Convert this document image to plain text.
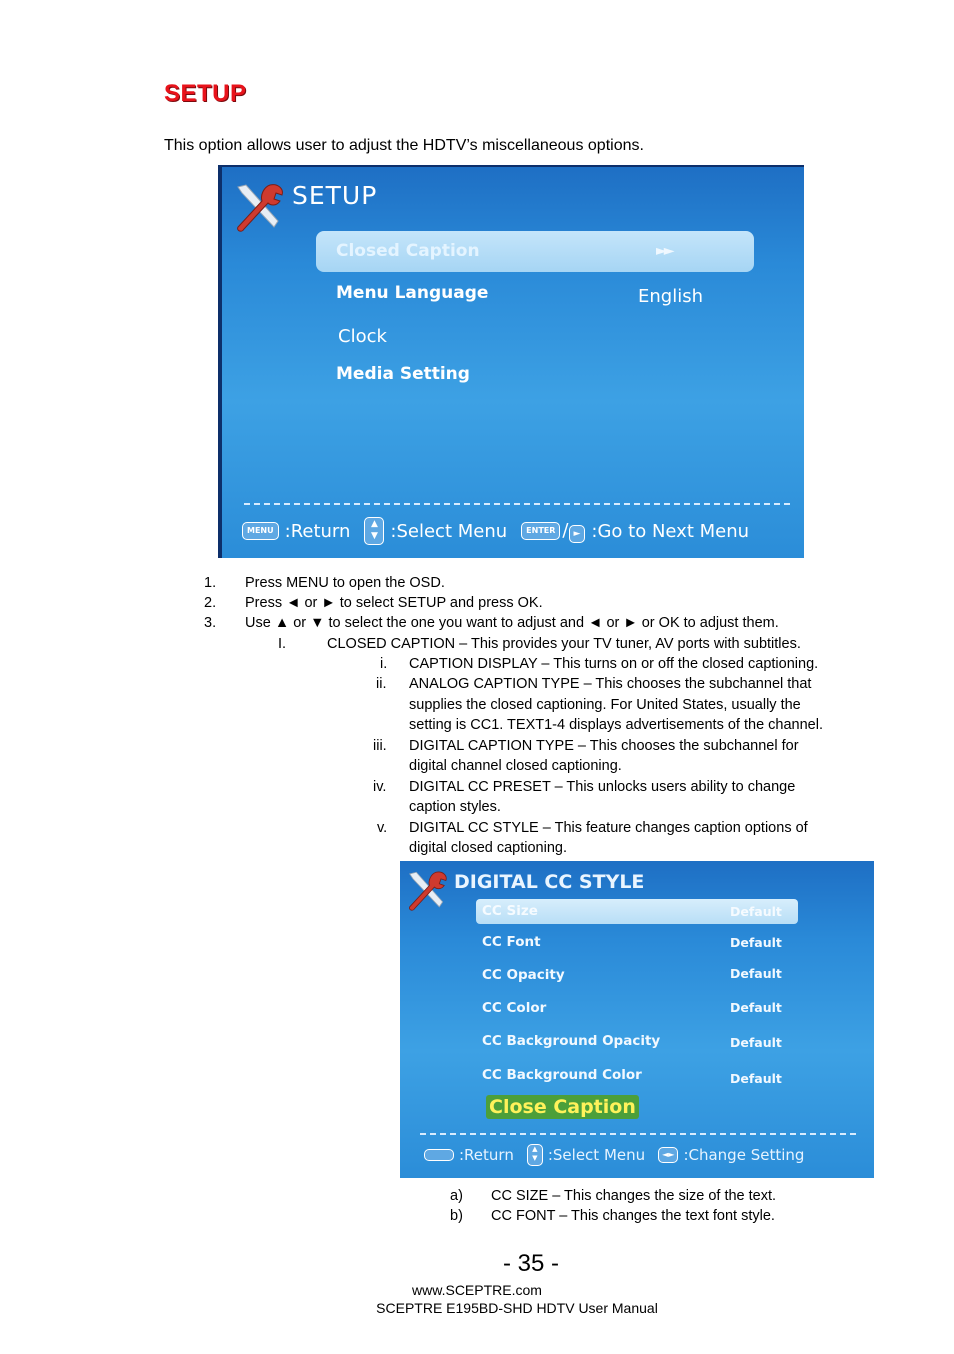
SETUP
This option allows user to adjust the HDTV’s miscellaneous options.
SETUP
Closed Caption	►►
Menu Language	English
Clock
Media Setting
MENU :Return	▲
▼ :Select Menu	ENTER / ► :Go to Next Menu
1. Press MENU to open the OSD.
2. Press ◄ or ► to select SETUP and press OK.
3. Use ▲ or ▼ to select the one you want to adjust and ◄ or ► or OK to adjust them.
I.	CLOSED CAPTION – This provides your TV tuner, AV ports with subtitles.
i. CAPTION DISPLAY – This turns on or off the closed captioning.
ii. ANALOG CAPTION TYPE – This chooses the subchannel that
supplies the closed captioning. For United States, usually the
setting is CC1. TEXT1-4 displays advertisements of the channel.
iii. DIGITAL CAPTION TYPE – This chooses the subchannel for
digital channel closed captioning.
iv. DIGITAL CC PRESET – This unlocks users ability to change
caption styles.
v. DIGITAL CC STYLE – This feature changes caption options of
digital closed captioning.
DIGITAL CC STYLE
CC Size	Default
CC Font	Default
CC Opacity	Default
CC Color	Default
CC Background Opacity	Default
CC Background Color	Default
Close Caption
:Return	▲
▼ :Select Menu	◄► :Change Setting
a) CC SIZE – This changes the size of the text.
b) CC FONT – This changes the text font style.
- 35 -
www.SCEPTRE.com
SCEPTRE E195BD-SHD HDTV User Manual
